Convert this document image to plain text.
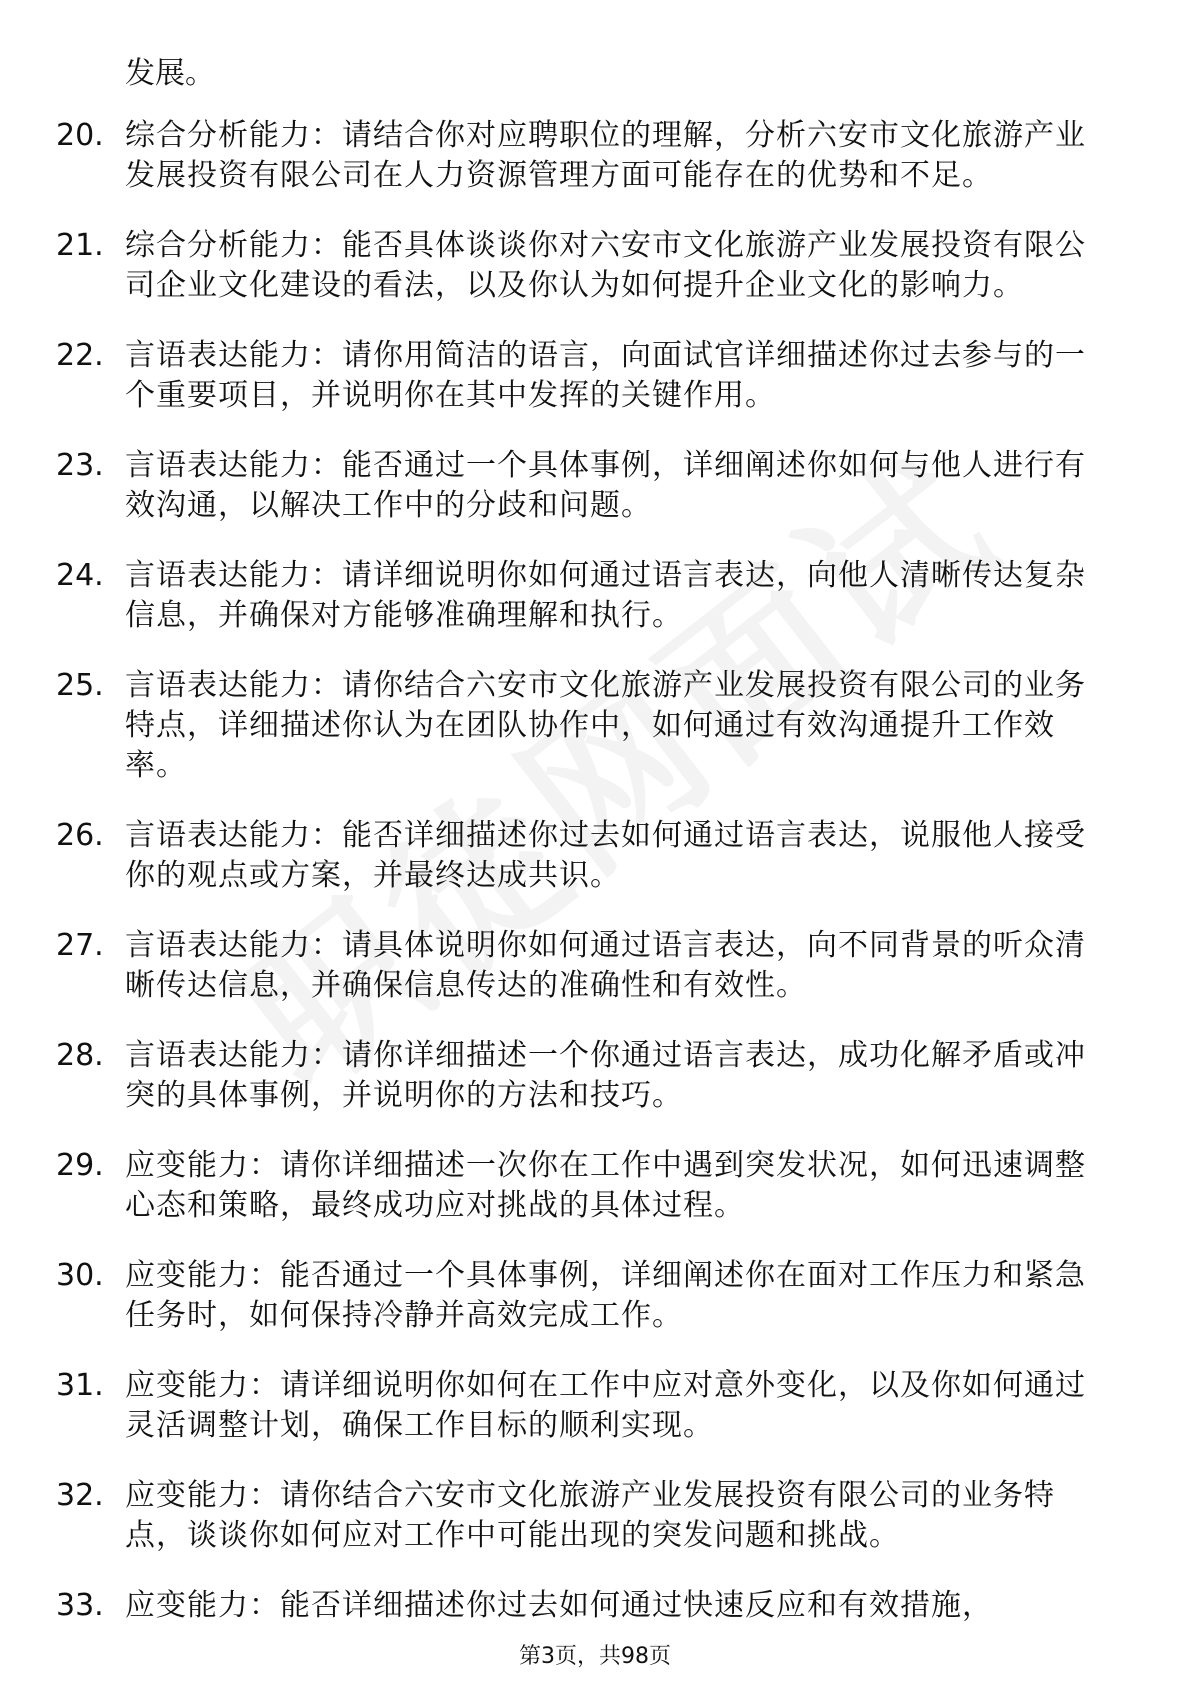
发展。

20. 综合分析能力：请结合你对应聘职位的理解，分析六安市文化旅游产业发展投资有限公司在人力资源管理方面可能存在的优势和不足。

21. 综合分析能力：能否具体谈谈你对六安市文化旅游产业发展投资有限公司企业文化建设的看法，以及你认为如何提升企业文化的影响力。

22. 言语表达能力：请你用简洁的语言，向面试官详细描述你过去参与的一个重要项目，并说明你在其中发挥的关键作用。

23. 言语表达能力：能否通过一个具体事例，详细阐述你如何与他人进行有效沟通，以解决工作中的分歧和问题。

24. 言语表达能力：请详细说明你如何通过语言表达，向他人清晰传达复杂信息，并确保对方能够准确理解和执行。

25. 言语表达能力：请你结合六安市文化旅游产业发展投资有限公司的业务特点，详细描述你认为在团队协作中，如何通过有效沟通提升工作效率。

26. 言语表达能力：能否详细描述你过去如何通过语言表达，说服他人接受你的观点或方案，并最终达成共识。

27. 言语表达能力：请具体说明你如何通过语言表达，向不同背景的听众清晰传达信息，并确保信息传达的准确性和有效性。

28. 言语表达能力：请你详细描述一个你通过语言表达，成功化解矛盾或冲突的具体事例，并说明你的方法和技巧。

29. 应变能力：请你详细描述一次你在工作中遇到突发状况，如何迅速调整心态和策略，最终成功应对挑战的具体过程。

30. 应变能力：能否通过一个具体事例，详细阐述你在面对工作压力和紧急任务时，如何保持冷静并高效完成工作。

31. 应变能力：请详细说明你如何在工作中应对意外变化，以及你如何通过灵活调整计划，确保工作目标的顺利实现。

32. 应变能力：请你结合六安市文化旅游产业发展投资有限公司的业务特点，谈谈你如何应对工作中可能出现的突发问题和挑战。

33. 应变能力：能否详细描述你过去如何通过快速反应和有效措施，

第3页，共98页
